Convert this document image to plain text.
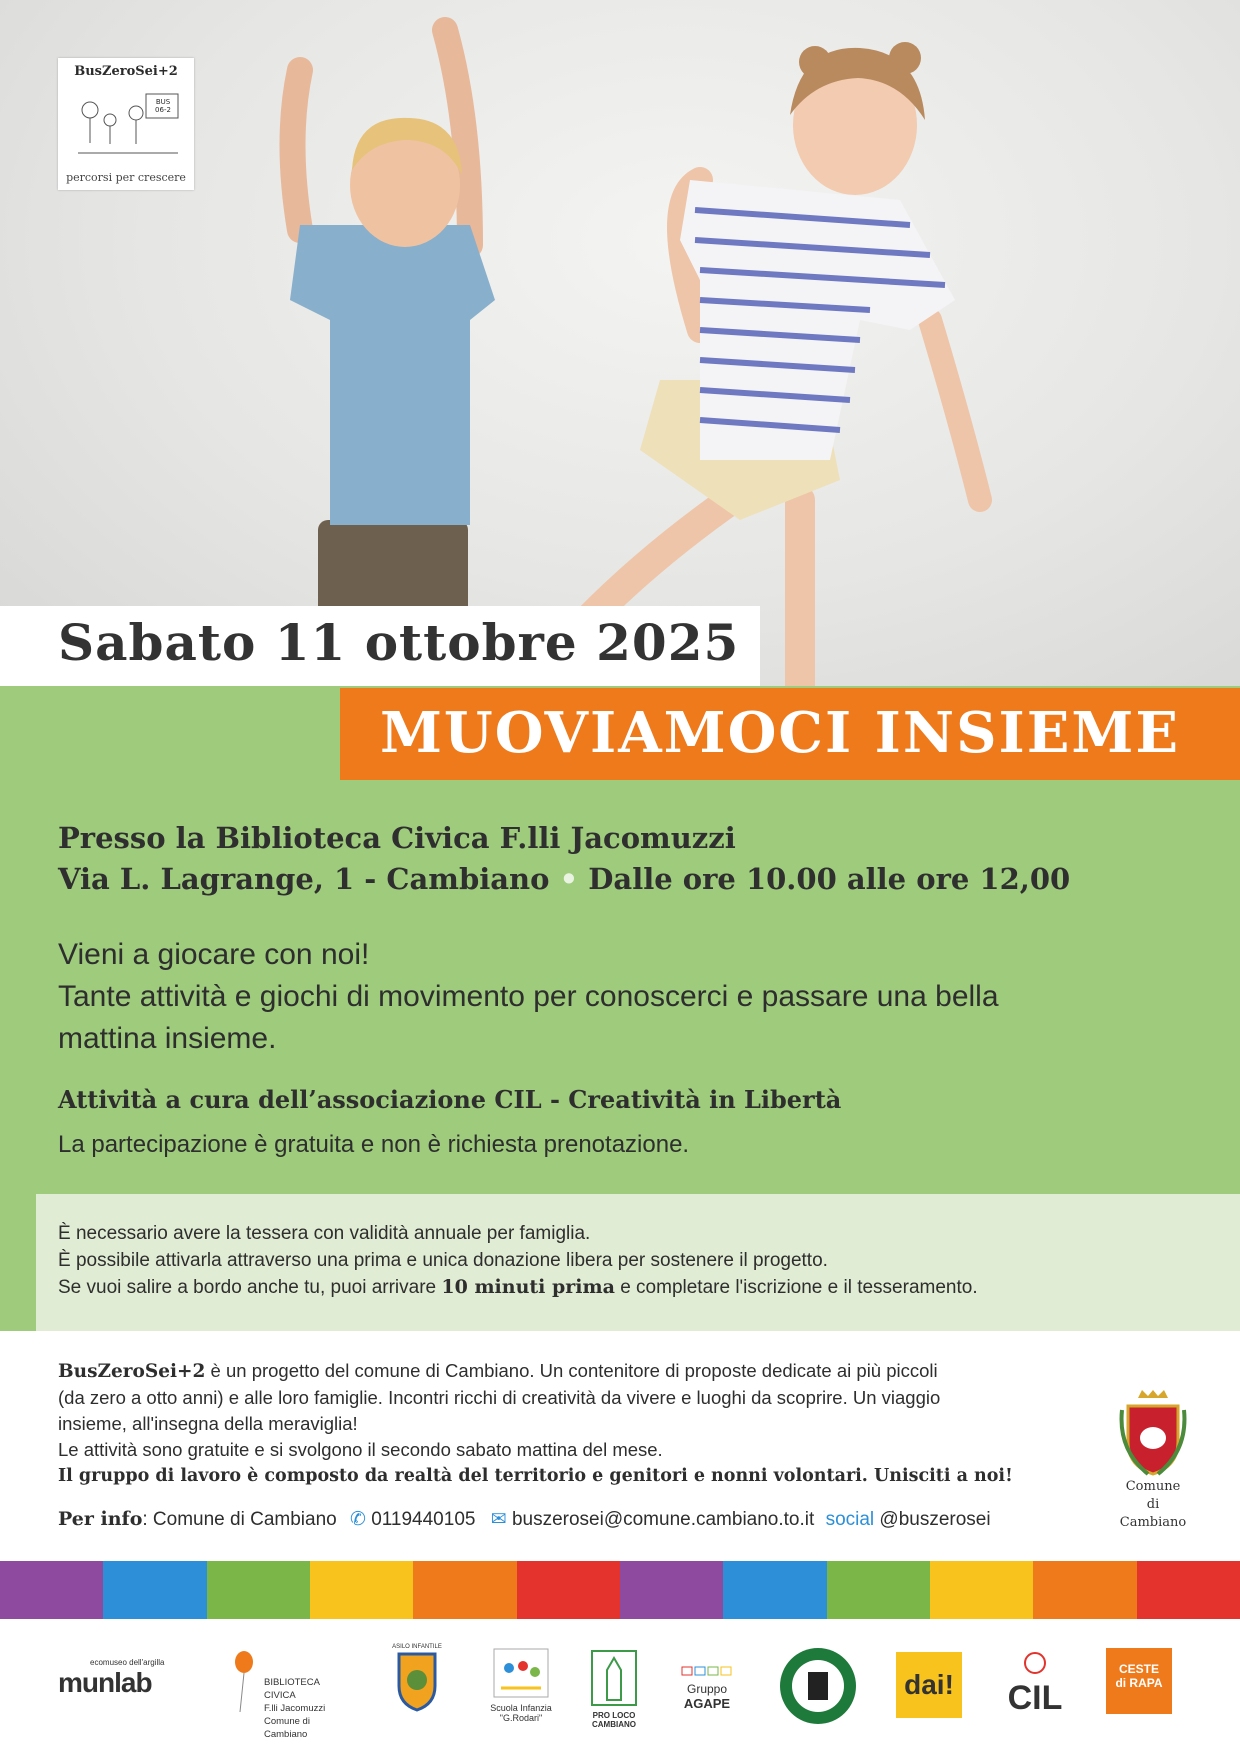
BusZeroSei+2
BUS 06-2
percorsi per crescere
Sabato 11 ottobre 2025
MUOVIAMOCI INSIEME
Presso la Biblioteca Civica F.lli Jacomuzzi
Via L. Lagrange, 1 - Cambiano • Dalle ore 10.00 alle ore 12,00
Vieni a giocare con noi!
Tante attività e giochi di movimento per conoscerci e passare una bella
mattina insieme.
Attività a cura dell’associazione CIL - Creatività in Libertà
La partecipazione è gratuita e non è richiesta prenotazione.
È necessario avere la tessera con validità annuale per famiglia.
È possibile attivarla attraverso una prima e unica donazione libera per sostenere il progetto.
Se vuoi salire a bordo anche tu, puoi arrivare 10 minuti prima e completare l'iscrizione e il tesseramento.
BusZeroSei+2 è un progetto del comune di Cambiano. Un contenitore di proposte dedicate ai più piccoli
(da zero a otto anni) e alle loro famiglie. Incontri ricchi di creatività da vivere e luoghi da scoprire. Un viaggio
insieme, all'insegna della meraviglia!
Le attività sono gratuite e si svolgono il secondo sabato mattina del mese.
Il gruppo di lavoro è composto da realtà del territorio e genitori e nonni volontari. Unisciti a noi!
Per info: Comune di Cambiano ✆ 0119440105 ✉ buszerosei@comune.cambiano.to.it social @buszerosei
Comune
di
Cambiano
ecomuseo dell'argilla
munlab	BIBLIOTECA CIVICA
F.lli Jacomuzzi
Comune di Cambiano
ASILO INFANTILE
Scuola Infanzia
"G.Rodari"	PRO LOCO
CAMBIANO
Gruppo
AGAPE
dai! CIL
CESTE
di RAPA
